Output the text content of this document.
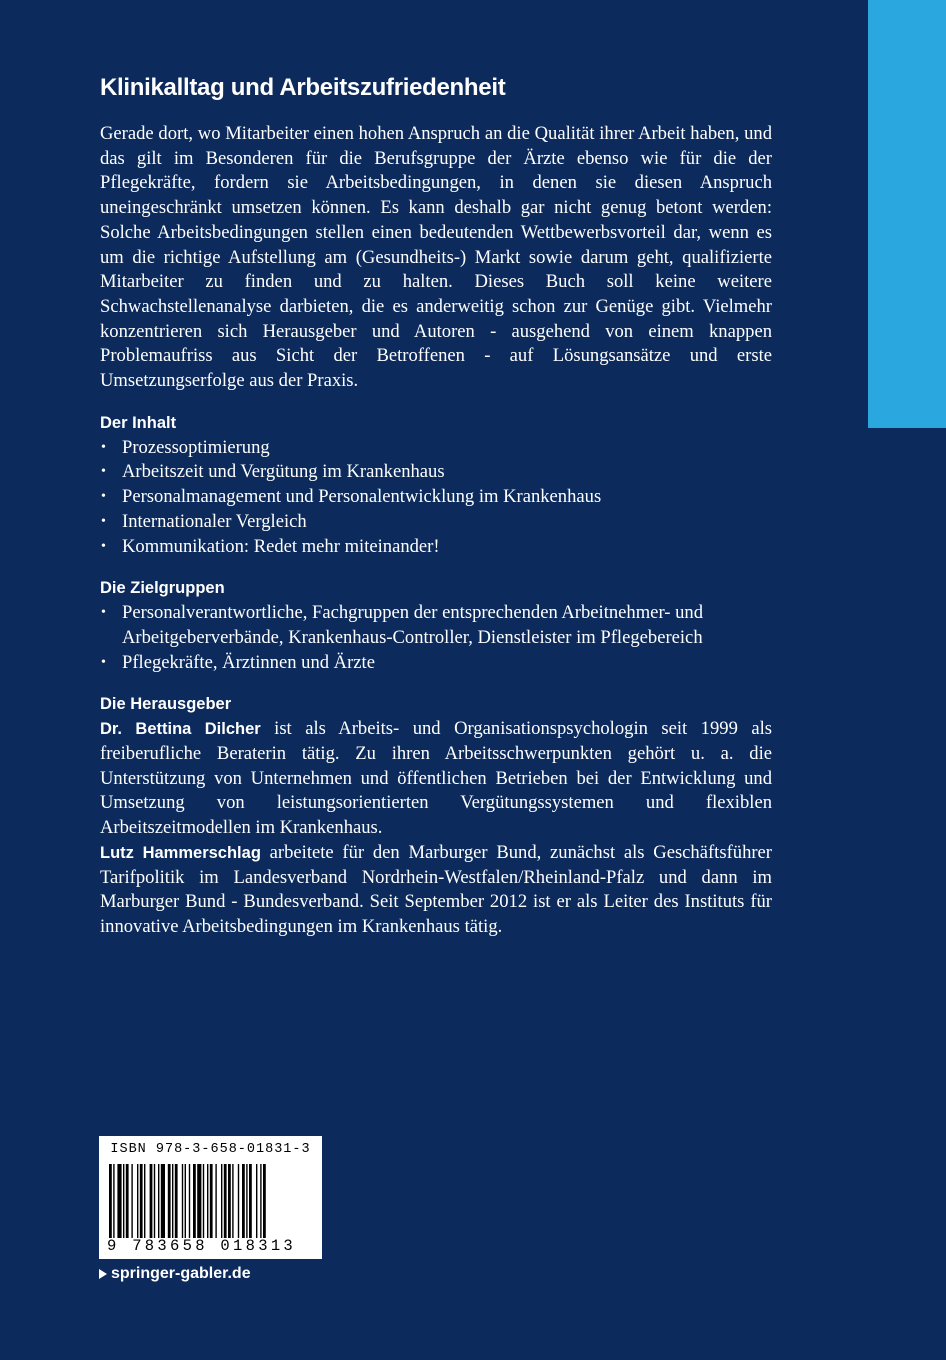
Klinikalltag und Arbeitszufriedenheit

Gerade dort, wo Mitarbeiter einen hohen Anspruch an die Qualität ihrer Arbeit haben, und das gilt im Besonderen für die Berufsgruppe der Ärzte ebenso wie für die der Pflegekräfte, fordern sie Arbeitsbedingungen, in denen sie diesen Anspruch uneingeschränkt umsetzen können. Es kann deshalb gar nicht genug betont werden: Solche Arbeitsbedingungen stellen einen bedeutenden Wettbewerbsvorteil dar, wenn es um die richtige Aufstellung am (Gesundheits-) Markt sowie darum geht, qualifizierte Mitarbeiter zu finden und zu halten. Dieses Buch soll keine weitere Schwachstellenanalyse darbieten, die es anderweitig schon zur Genüge gibt. Vielmehr konzentrieren sich Herausgeber und Autoren - ausgehend von einem knappen Problemaufriss aus Sicht der Betroffenen - auf Lösungsansätze und erste Umsetzungserfolge aus der Praxis.

Der Inhalt
• Prozessoptimierung
• Arbeitszeit und Vergütung im Krankenhaus
• Personalmanagement und Personalentwicklung im Krankenhaus
• Internationaler Vergleich
• Kommunikation: Redet mehr miteinander!
Die Zielgruppen
• Personalverantwortliche, Fachgruppen der entsprechenden Arbeitnehmer- und Arbeitgeberverbände, Krankenhaus-Controller, Dienstleister im Pflegebereich
• Pflegekräfte, Ärztinnen und Ärzte
Die Herausgeber

Dr. Bettina Dilcher ist als Arbeits- und Organisationspsychologin seit 1999 als freiberufliche Beraterin tätig. Zu ihren Arbeitsschwerpunkten gehört u. a. die Unterstützung von Unternehmen und öffentlichen Betrieben bei der Entwicklung und Umsetzung von leistungsorientierten Vergütungssystemen und flexiblen Arbeitszeitmodellen im Krankenhaus.

Lutz Hammerschlag arbeitete für den Marburger Bund, zunächst als Geschäftsführer Tarifpolitik im Landesverband Nordrhein-Westfalen/Rheinland-Pfalz und dann im Marburger Bund - Bundesverband. Seit September 2012 ist er als Leiter des Instituts für innovative Arbeitsbedingungen im Krankenhaus tätig.

ISBN 978-3-658-01831-3
9 783658 018313
springer-gabler.de
